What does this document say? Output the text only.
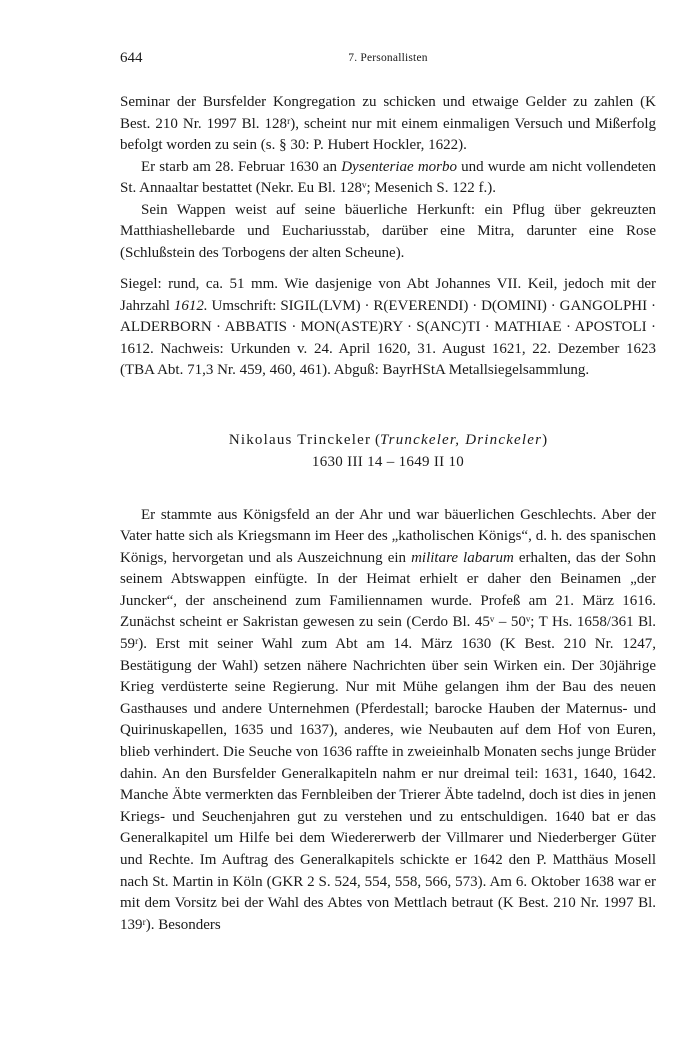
644	7. Personallisten

Seminar der Bursfelder Kongregation zu schicken und etwaige Gelder zu zahlen (K Best. 210 Nr. 1997 Bl. 128ʳ), scheint nur mit einem einmaligen Versuch und Mißerfolg befolgt worden zu sein (s. § 30: P. Hubert Hockler, 1622).

Er starb am 28. Februar 1630 an Dysenteriae morbo und wurde am nicht vollendeten St. Annaaltar bestattet (Nekr. Eu Bl. 128ᵛ; Mesenich S. 122 f.).

Sein Wappen weist auf seine bäuerliche Herkunft: ein Pflug über gekreuzten Matthiashellebarde und Euchariusstab, darüber eine Mitra, darunter eine Rose (Schlußstein des Torbogens der alten Scheune).

Siegel: rund, ca. 51 mm. Wie dasjenige von Abt Johannes VII. Keil, jedoch mit der Jahrzahl 1612. Umschrift: SIGIL(LVM) · R(EVERENDI) · D(OMINI) · GANGOLPHI · ALDERBORN · ABBATIS · MON(ASTE)RY · S(ANC)TI · MATHIAE · APOSTOLI · 1612. Nachweis: Urkunden v. 24. April 1620, 31. August 1621, 22. Dezember 1623 (TBA Abt. 71,3 Nr. 459, 460, 461). Abguß: BayrHStA Metallsiegelsammlung.

Nikolaus Trinckeler (Trunckeler, Drinckeler)
1630 III 14 – 1649 II 10

Er stammte aus Königsfeld an der Ahr und war bäuerlichen Geschlechts. Aber der Vater hatte sich als Kriegsmann im Heer des „katholischen Königs“, d. h. des spanischen Königs, hervorgetan und als Auszeichnung ein militare labarum erhalten, das der Sohn seinem Abtswappen einfügte. In der Heimat erhielt er daher den Beinamen „der Juncker“, der anscheinend zum Familiennamen wurde. Profeß am 21. März 1616. Zunächst scheint er Sakristan gewesen zu sein (Cerdo Bl. 45ᵛ – 50ᵛ; T Hs. 1658/361 Bl. 59ʳ). Erst mit seiner Wahl zum Abt am 14. März 1630 (K Best. 210 Nr. 1247, Bestätigung der Wahl) setzen nähere Nachrichten über sein Wirken ein. Der 30jährige Krieg verdüsterte seine Regierung. Nur mit Mühe gelangen ihm der Bau des neuen Gasthauses und andere Unternehmen (Pferdestall; barocke Hauben der Maternus- und Quirinuskapellen, 1635 und 1637), anderes, wie Neubauten auf dem Hof von Euren, blieb verhindert. Die Seuche von 1636 raffte in zweieinhalb Monaten sechs junge Brüder dahin. An den Bursfelder Generalkapiteln nahm er nur dreimal teil: 1631, 1640, 1642. Manche Äbte vermerkten das Fernbleiben der Trierer Äbte tadelnd, doch ist dies in jenen Kriegs- und Seuchenjahren gut zu verstehen und zu entschuldigen. 1640 bat er das Generalkapitel um Hilfe bei dem Wiedererwerb der Villmarer und Niederberger Güter und Rechte. Im Auftrag des Generalkapitels schickte er 1642 den P. Matthäus Mosell nach St. Martin in Köln (GKR 2 S. 524, 554, 558, 566, 573). Am 6. Oktober 1638 war er mit dem Vorsitz bei der Wahl des Abtes von Mettlach betraut (K Best. 210 Nr. 1997 Bl. 139ʳ). Besonders
